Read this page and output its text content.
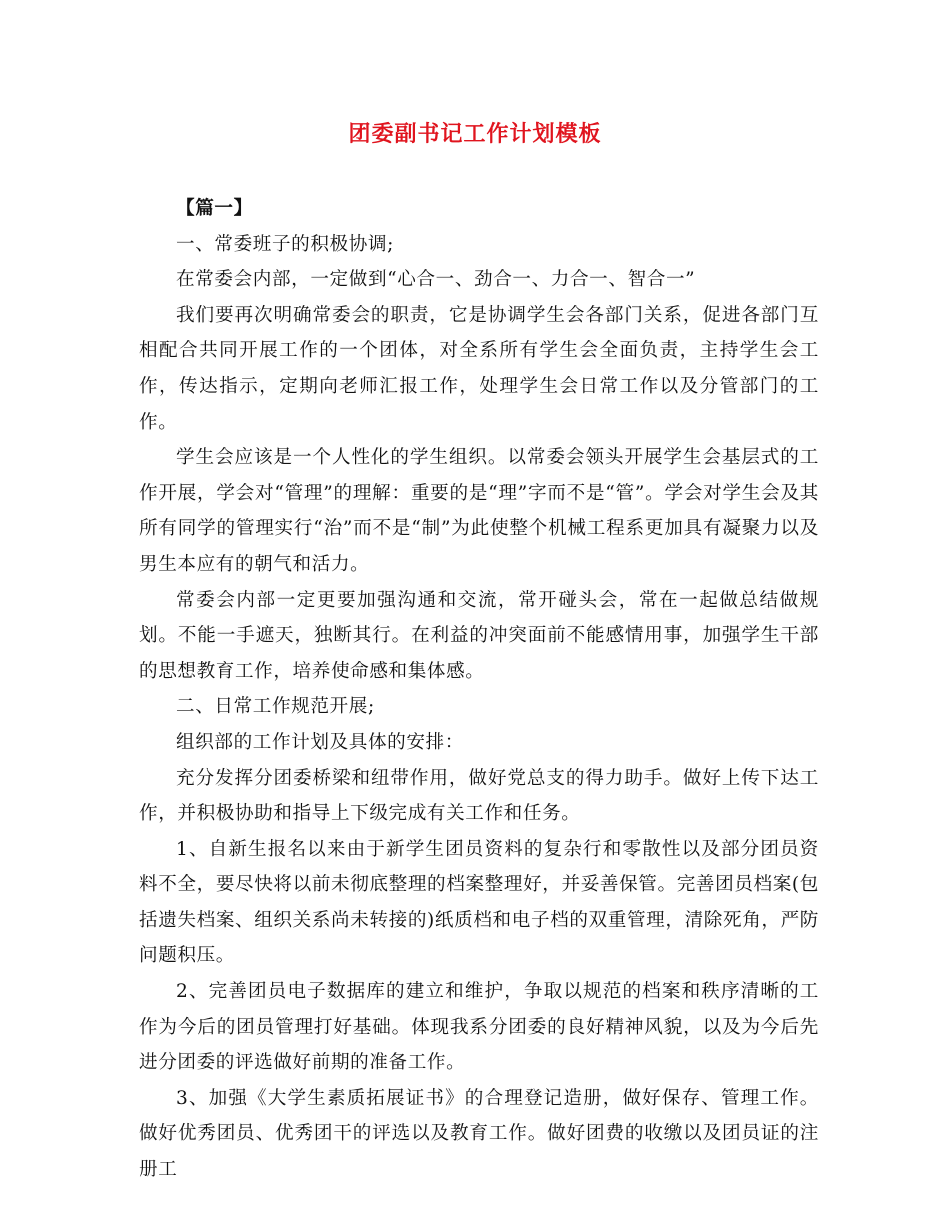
团委副书记工作计划模板

【篇一】

一、常委班子的积极协调;

在常委会内部，一定做到“心合一、劲合一、力合一、智合一”

我们要再次明确常委会的职责，它是协调学生会各部门关系，促进各部门互相配合共同开展工作的一个团体，对全系所有学生会全面负责，主持学生会工作，传达指示，定期向老师汇报工作，处理学生会日常工作以及分管部门的工作。

学生会应该是一个人性化的学生组织。以常委会领头开展学生会基层式的工作开展，学会对“管理”的理解：重要的是“理”字而不是“管”。学会对学生会及其所有同学的管理实行“治”而不是“制”为此使整个机械工程系更加具有凝聚力以及男生本应有的朝气和活力。

常委会内部一定更要加强沟通和交流，常开碰头会，常在一起做总结做规划。不能一手遮天，独断其行。在利益的冲突面前不能感情用事，加强学生干部的思想教育工作，培养使命感和集体感。

二、日常工作规范开展;

组织部的工作计划及具体的安排：

充分发挥分团委桥梁和纽带作用，做好党总支的得力助手。做好上传下达工作，并积极协助和指导上下级完成有关工作和任务。

1、自新生报名以来由于新学生团员资料的复杂行和零散性以及部分团员资料不全，要尽快将以前未彻底整理的档案整理好，并妥善保管。完善团员档案(包括遗失档案、组织关系尚未转接的)纸质档和电子档的双重管理，清除死角，严防问题积压。

2、完善团员电子数据库的建立和维护，争取以规范的档案和秩序清晰的工作为今后的团员管理打好基础。体现我系分团委的良好精神风貌，以及为今后先进分团委的评选做好前期的准备工作。

3、加强《大学生素质拓展证书》的合理登记造册，做好保存、管理工作。做好优秀团员、优秀团干的评选以及教育工作。做好团费的收缴以及团员证的注册工
